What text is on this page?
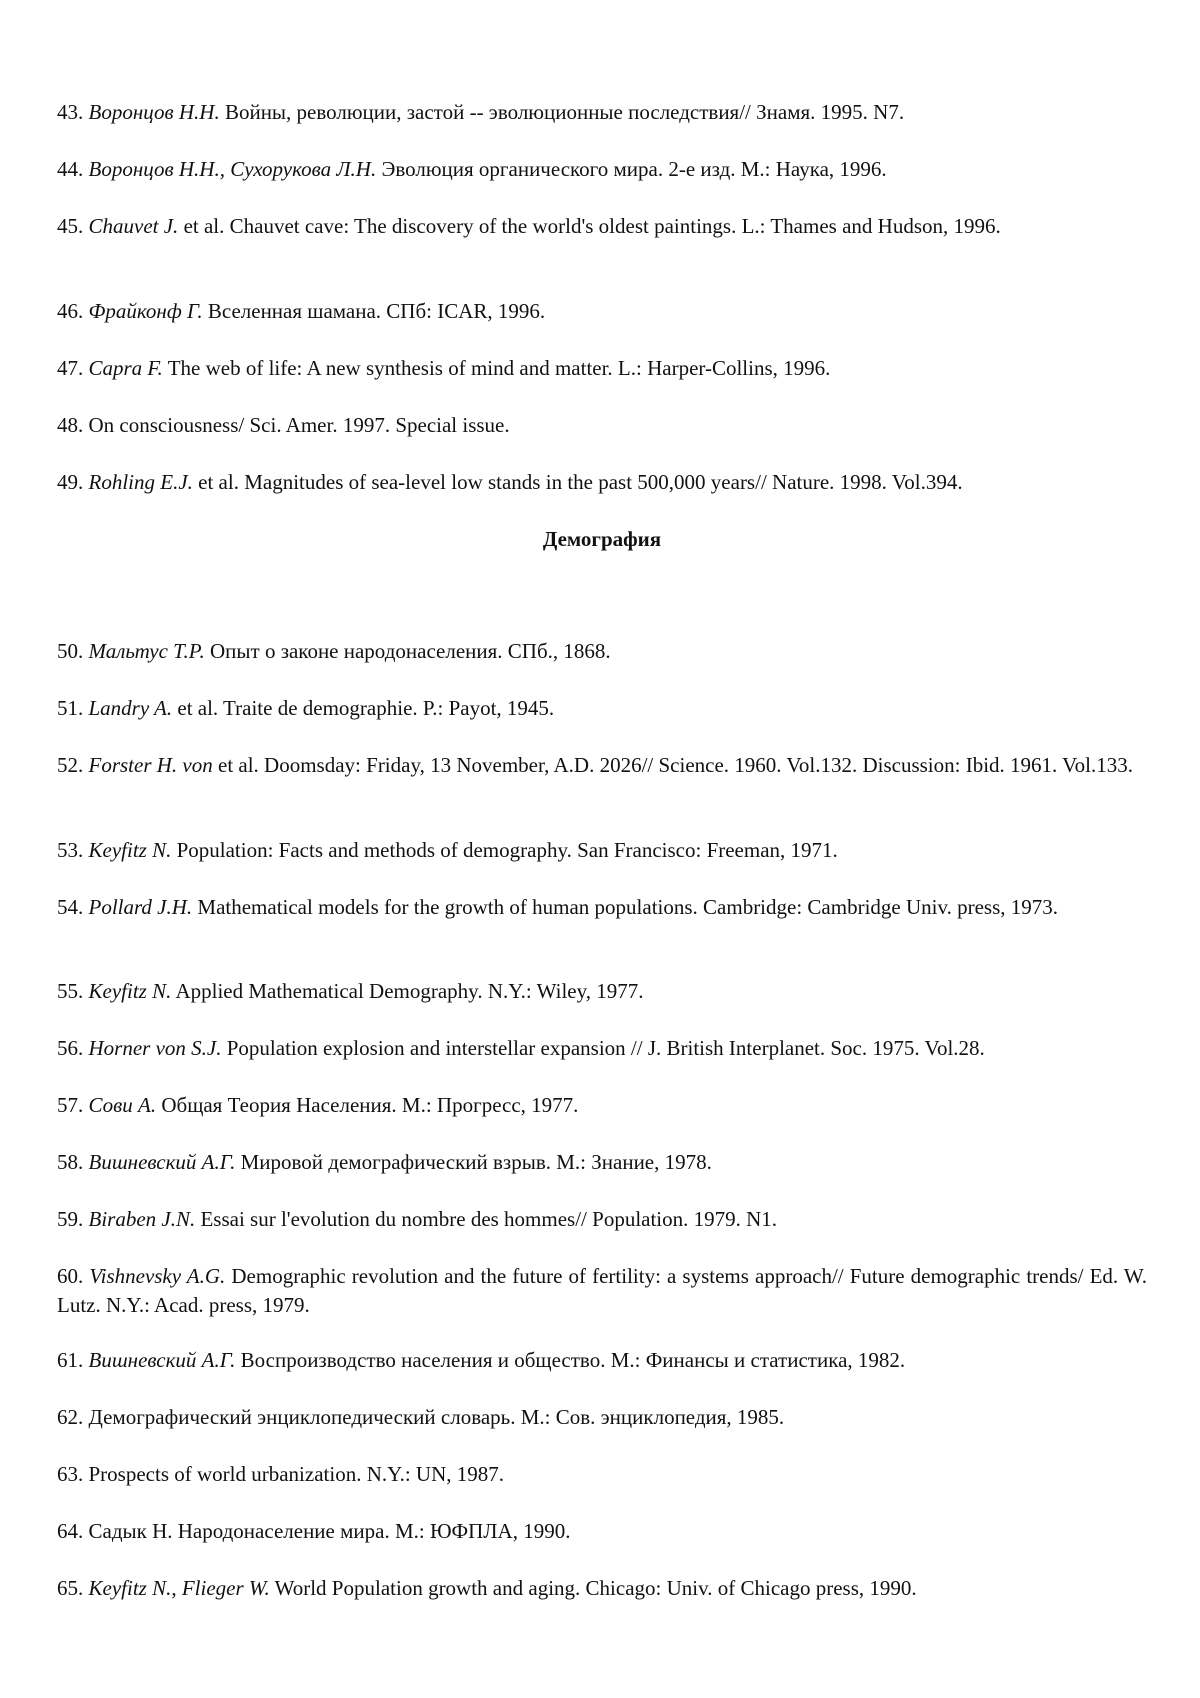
43. Воронцов Н.Н. Войны, революции, застой -- эволюционные последствия// Знамя. 1995. N7.
44. Воронцов Н.Н., Сухорукова Л.Н. Эволюция органического мира. 2-е изд. М.: Наука, 1996.
45. Chauvet J. et al. Chauvet cave: The discovery of the world's oldest paintings. L.: Thames and Hudson, 1996.
46. Фрайконф Г. Вселенная шамана. СПб: ICAR, 1996.
47. Capra F. The web of life: A new synthesis of mind and matter. L.: Harper-Collins, 1996.
48. On consciousness/ Sci. Amer. 1997. Special issue.
49. Rohling E.J. et al. Magnitudes of sea-level low stands in the past 500,000 years// Nature. 1998. Vol.394.
Демография
50. Мальтус Т.Р. Опыт о законе народонаселения. СПб., 1868.
51. Landry A. et al. Traite de demographie. P.: Payot, 1945.
52. Forster H. von et al. Doomsday: Friday, 13 November, A.D. 2026// Science. 1960. Vol.132. Discussion: Ibid. 1961. Vol.133.
53. Keyfitz N. Population: Facts and methods of demography. San Francisco: Freeman, 1971.
54. Pollard J.H. Mathematical models for the growth of human populations. Cambridge: Cambridge Univ. press, 1973.
55. Keyfitz N. Applied Mathematical Demography. N.Y.: Wiley, 1977.
56. Horner von S.J. Population explosion and interstellar expansion // J. British Interplanet. Soc. 1975. Vol.28.
57. Сови А. Общая Теория Населения. М.: Прогресс, 1977.
58. Вишневский А.Г. Мировой демографический взрыв. М.: Знание, 1978.
59. Biraben J.N. Essai sur l'evolution du nombre des hommes// Population. 1979. N1.
60. Vishnevsky A.G. Demographic revolution and the future of fertility: a systems approach// Future demographic trends/ Ed. W. Lutz. N.Y.: Acad. press, 1979.
61. Вишневский А.Г. Воспроизводство населения и общество. М.: Финансы и статистика, 1982.
62. Демографический энциклопедический словарь. М.: Сов. энциклопедия, 1985.
63. Prospects of world urbanization. N.Y.: UN, 1987.
64. Садык Н. Народонаселение мира. М.: ЮФПЛА, 1990.
65. Keyfitz N., Flieger W. World Population growth and aging. Chicago: Univ. of Chicago press, 1990.
